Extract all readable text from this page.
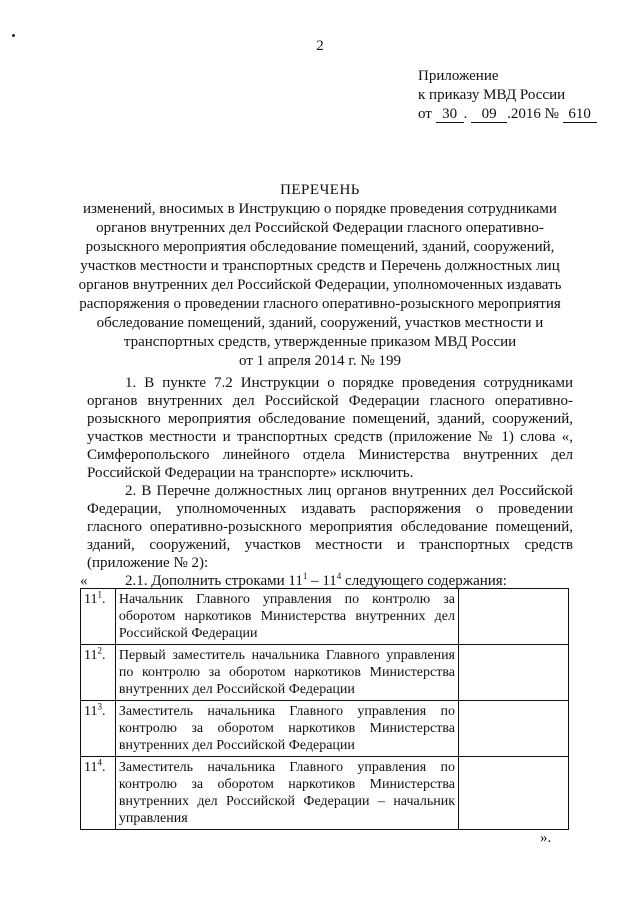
2
Приложение
к приказу МВД России
от 30 . 09 .2016 № 610
ПЕРЕЧЕНЬ
изменений, вносимых в Инструкцию о порядке проведения сотрудниками
органов внутренних дел Российской Федерации гласного оперативно-
розыскного мероприятия обследование помещений, зданий, сооружений,
участков местности и транспортных средств и Перечень должностных лиц
органов внутренних дел Российской Федерации, уполномоченных издавать
распоряжения о проведении гласного оперативно-розыскного мероприятия
обследование помещений, зданий, сооружений, участков местности и
транспортных средств, утвержденные приказом МВД России
от 1 апреля 2014 г. № 199

1. В пункте 7.2 Инструкции о порядке проведения сотрудниками органов внутренних дел Российской Федерации гласного оперативно-розыскного мероприятия обследование помещений, зданий, сооружений, участков местности и транспортных средств (приложение № 1) слова «, Симферопольского линейного отдела Министерства внутренних дел Российской Федерации на транспорте» исключить.

2. В Перечне должностных лиц органов внутренних дел Российской Федерации, уполномоченных издавать распоряжения о проведении гласного оперативно-розыскного мероприятия обследование помещений, зданий, сооружений, участков местности и транспортных средств (приложение № 2):

2.1. Дополнить строками $11^1 - 11^4$ следующего содержания:

«
$11^1$.	Начальник Главного управления по контролю за оборотом наркотиков Министерства внутренних дел Российской Федерации	
$11^2$.	Первый заместитель начальника Главного управления по контролю за оборотом наркотиков Министерства внутренних дел Российской Федерации	
$11^3$.	Заместитель начальника Главного управления по контролю за оборотом наркотиков Министерства внутренних дел Российской Федерации	
$11^4$.	Заместитель начальника Главного управления по контролю за оборотом наркотиков Министерства внутренних дел Российской Федерации – начальник управления	
».
